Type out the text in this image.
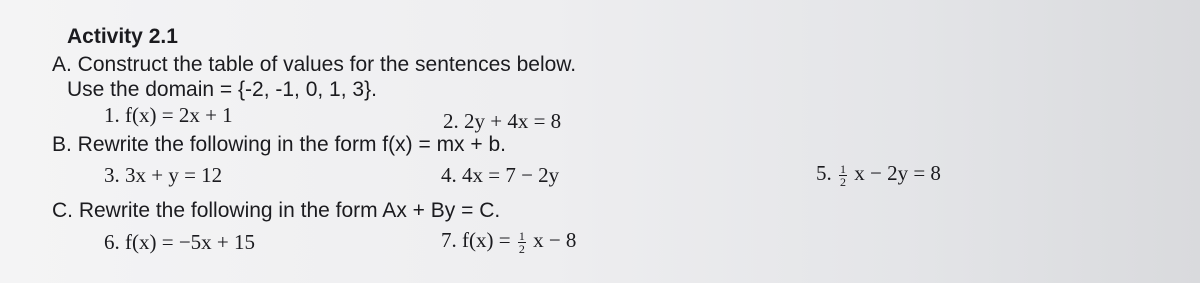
Activity 2.1
A. Construct the table of values for the sentences below.
Use the domain = {-2, -1, 0, 1, 3}.
1. f(x) = 2x + 1	2. 2y + 4x = 8
B. Rewrite the following in the form f(x) = mx + b.
3. 3x + y = 12	4. 4x = 7 − 2y	5. $\frac{1}{2}$ x − 2y = 8
C. Rewrite the following in the form Ax + By = C.
6. f(x) = −5x + 15	7. $f(x) = \frac{1}{2}$ x − 8
